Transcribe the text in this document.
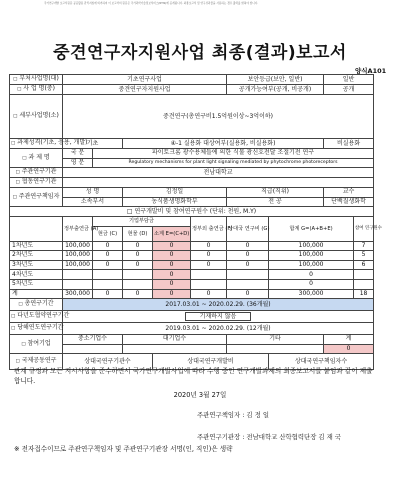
국가연구개발 보고서원문 공공활용 관리지침에 의거하여 이 보고서의 원문은 국가과학기술정보서비스(NTIS)에 공개됩니다. 최종보고서 및 연구성과물을 사용하는 경우 출처를 밝혀야 합니다.
중견연구자지원사업 최종(결과)보고서
양식A101
□ 부처사업명(대)	기초연구사업					보안등급(보안, 일반)		일반	
□ 사 업 명(중)	중견연구자지원사업					공개가능여부(공개, 비공개)		공개	
□ 세부사업명(소)	중견연구(총연구비1.5억원이상~3억이하)								
□ 과제성격(기초, 응용, 개발)	기초		④-1 실용화 대상여부(실용화, 비실용화)					비실용화	
□ 과 제 명	국 문	파이토크롬 광수용체들에 의한 식물 광신호전달 조절기전 연구							
	영 문	Regulatory mechanisms for plant light signaling mediated by phytochrome photoreceptors							
□ 주관연구기관	전남대학교								
□ 협동연구기관									
□ 주관연구책임자	성 명		김정일			직급(직위)		교수	
	소속부서		농식품생명화학부			전 공		단백질생화학	
□ 연구개발비 및 참여연구원수 (단위: 천원, M.Y)									
	정부출연금 (A)	기업부담금			정부외 출연금 (F)	상대국 연구비 (G)	합계 G=(A+B+E)		참여 연구원수
		현금 (C)	현물 (D)	소계 E=(C+D)					
1차년도	100,000	0	0	0	0	0	100,000		7
2차년도	100,000	0	0	0	0	0	100,000		5
3차년도	100,000	0	0	0	0	0	100,000		6
4차년도				0			0		
5차년도				0			0		
계	300,000	0	0	0	0	0	300,000		18
□ 총연구기간	2017.03.01 ~ 2020.02.29. (36개월)								
□ 다년도협약연구기간	기재하지 않음								
□ 당해연도연구기간	2019.03.01 ~ 2020.02.29. (12개월)								
□ 참여기업	중소기업수		대기업수			기타		계	
								0	
□ 국제공동연구	상대국연구기관수			상대국연구개발비			상대국연구책임자수		
관계 규정과 모든 지시사항을 준수하면서 국가연구개발사업에 따라 수행 중인 연구개발과제의 최종보고서를 붙임과 같이 제출 합니다.
2020년 3월 27일
주관연구책임자 : 김 정 일
주관연구기관장 : 전남대학교 산학협력단장 김 재 국
※ 전자접수이므로 주관연구책임자 및 주관연구기관장 서명(인, 직인)은 생략
